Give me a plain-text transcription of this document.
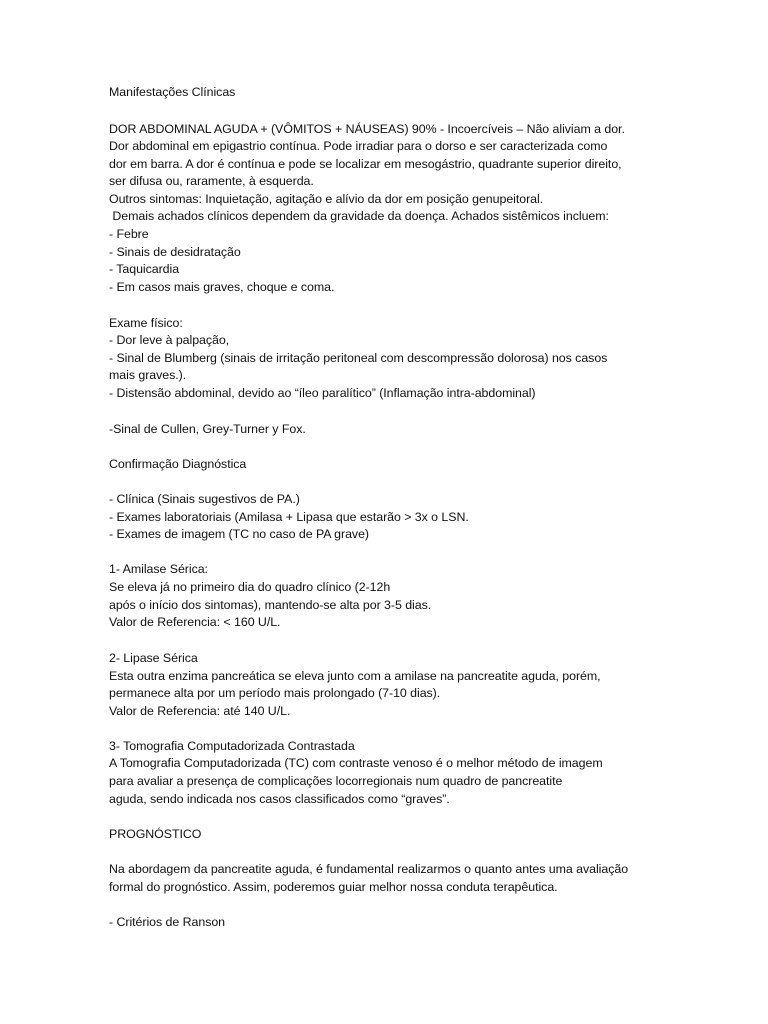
Manifestações Clínicas
DOR ABDOMINAL AGUDA + (VÔMITOS + NÁUSEAS) 90% - Incoercíveis – Não aliviam a dor.
Dor abdominal em epigastrio contínua. Pode irradiar para o dorso e ser caracterizada como
dor em barra. A dor é contínua e pode se localizar em mesogástrio, quadrante superior direito,
ser difusa ou, raramente, à esquerda.
Outros sintomas: Inquietação, agitação e alívio da dor em posição genupeitoral.
Demais achados clínicos dependem da gravidade da doença. Achados sistêmicos incluem:
- Febre
- Sinais de desidratação
- Taquicardia
- Em casos mais graves, choque e coma.
Exame físico:
- Dor leve à palpação,
- Sinal de Blumberg (sinais de irritação peritoneal com descompressão dolorosa) nos casos
mais graves.).
- Distensão abdominal, devido ao “íleo paralítico” (Inflamação intra-abdominal)
-Sinal de Cullen, Grey-Turner y Fox.
Confirmação Diagnóstica
- Clínica (Sinais sugestivos de PA.)
- Exames laboratoriais (Amilasa + Lipasa que estarão > 3x o LSN.
- Exames de imagem (TC no caso de PA grave)
1- Amilase Sérica:
Se eleva já no primeiro dia do quadro clínico (2-12h
após o início dos sintomas), mantendo-se alta por 3-5 dias.
Valor de Referencia: < 160 U/L.
2- Lipase Sérica
Esta outra enzima pancreática se eleva junto com a amilase na pancreatite aguda, porém,
permanece alta por um período mais prolongado (7-10 dias).
Valor de Referencia: até 140 U/L.
3- Tomografia Computadorizada Contrastada
A Tomografia Computadorizada (TC) com contraste venoso é o melhor método de imagem
para avaliar a presença de complicações locorregionais num quadro de pancreatite
aguda, sendo indicada nos casos classificados como “graves”.
PROGNÓSTICO
Na abordagem da pancreatite aguda, é fundamental realizarmos o quanto antes uma avaliação
formal do prognóstico. Assim, poderemos guiar melhor nossa conduta terapêutica.
- Critérios de Ranson
